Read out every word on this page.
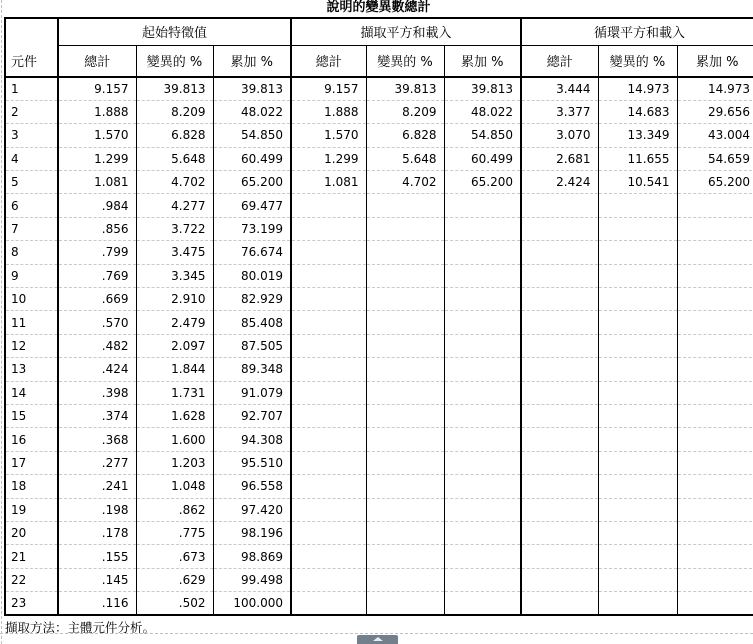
說明的變異數總計
元件	起始特徵值			擷取平方和載入			循環平方和載入		
	總計	變異的 %	累加 %	總計	變異的 %	累加 %	總計	變異的 %	累加 %
1	9.157	39.813	39.813	9.157	39.813	39.813	3.444	14.973	14.973
2	1.888	8.209	48.022	1.888	8.209	48.022	3.377	14.683	29.656
3	1.570	6.828	54.850	1.570	6.828	54.850	3.070	13.349	43.004
4	1.299	5.648	60.499	1.299	5.648	60.499	2.681	11.655	54.659
5	1.081	4.702	65.200	1.081	4.702	65.200	2.424	10.541	65.200
6	.984	4.277	69.477						
7	.856	3.722	73.199						
8	.799	3.475	76.674						
9	.769	3.345	80.019						
10	.669	2.910	82.929						
11	.570	2.479	85.408						
12	.482	2.097	87.505						
13	.424	1.844	89.348						
14	.398	1.731	91.079						
15	.374	1.628	92.707						
16	.368	1.600	94.308						
17	.277	1.203	95.510						
18	.241	1.048	96.558						
19	.198	.862	97.420						
20	.178	.775	98.196						
21	.155	.673	98.869						
22	.145	.629	99.498						
23	.116	.502	100.000						
擷取方法：主體元件分析。
